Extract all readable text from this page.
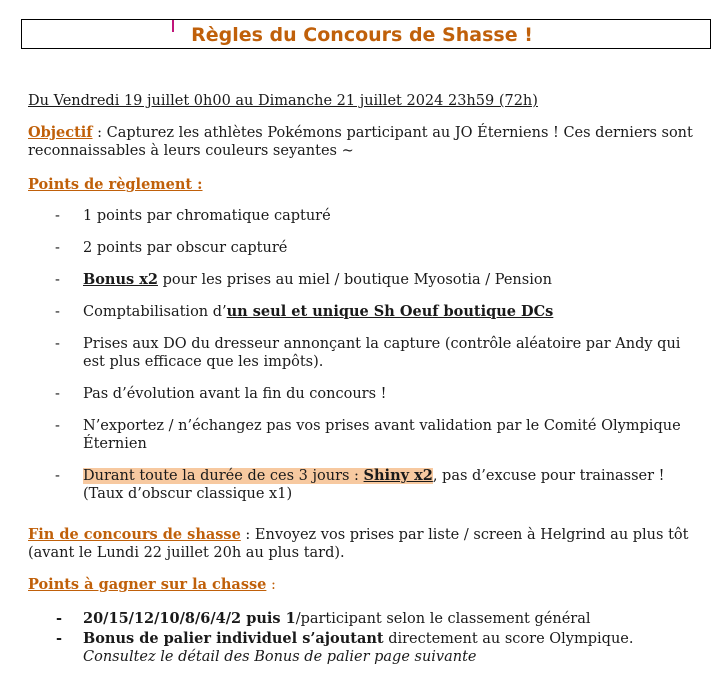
Règles du Concours de Shasse !
Du Vendredi 19 juillet 0h00 au Dimanche 21 juillet 2024 23h59 (72h)
Objectif : Capturez les athlètes Pokémons participant au JO Éterniens ! Ces derniers sont reconnaissables à leurs couleurs seyantes ~
Points de règlement :
- 1 points par chromatique capturé
- 2 points par obscur capturé
- Bonus x2 pour les prises au miel / boutique Myosotia / Pension
- Comptabilisation d’un seul et unique Sh Oeuf boutique DCs
- Prises aux DO du dresseur annonçant la capture (contrôle aléatoire par Andy qui est plus efficace que les impôts).
- Pas d’évolution avant la fin du concours !
- N’exportez / n’échangez pas vos prises avant validation par le Comité Olympique Éternien
- Durant toute la durée de ces 3 jours : Shiny x2, pas d’excuse pour trainasser ! (Taux d’obscur classique x1)
Fin de concours de shasse : Envoyez vos prises par liste / screen à Helgrind au plus tôt (avant le Lundi 22 juillet 20h au plus tard).
Points à gagner sur la chasse :
- 20/15/12/10/8/6/4/2 puis 1/participant selon le classement général
- Bonus de palier individuel s’ajoutant directement au score Olympique.
Consultez le détail des Bonus de palier page suivante
